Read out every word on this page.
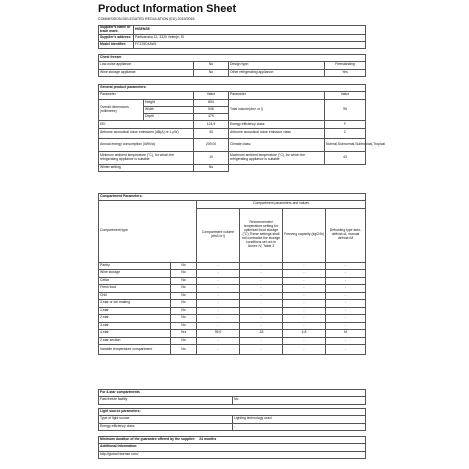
Product Information Sheet
COMMISSION DELEGATED REGULATION (EU) 2019/2016
Supplier's name or trade mark:	HISENSE
Supplier's address:	Partizanska 12, 3320 Velenje, SI
Model identifier:	FC125D4AW1
Chest freezer			
Low-noise appliance:	No	Design type:	Freestanding
Wine storage appliance:	No	Other refrigerating appliance:	Yes
General product parameters:				
Parameter		Value	Parameter	Value
Overall dimensions (millimetre)	Height	854	Total volume(dm³ or l)	95
	Width	546		
	Depth	479		
EEI		124,5	Energy efficiency class	F
Airborne acoustical noise emissions (dB(A) re 1 pW)		40	Airborne acoustical noise emission class	C
Annual energy consumption (kWh/a)		209,00	Climate class:	Normal,Subnormal,Subtropical,Tropical
Minimum ambient temperature (°C), for which the refrigerating appliance is suitable		10	Maximum ambient temperature (°C), for which the refrigerating appliance is suitable	43
Winter setting		No		
Compartment Parameters:					
Compartment type		Compartment parameters and values			
		Compartment volume (dm3 or l)	Recommended temperature setting for optimised food storage (°C) These settings shall not contradict the storage conditions set out in Annex IV, Table 3	Freezing capacity (kg/24h)	Defrosting type auto-defrost=A, manual defrost=M
Pantry	No	-	-	-	-
Wine storage	No	-	-	-	-
Cellar	No	-	-	-	-
Fresh food	No	-	-	-	-
Chill	No	-	-	-	-
0-star or ice-making	No	-	-	-	-
1-star	No	-	-	-	-
2-star	No	-	-	-	-
3-star	No	-	-	-	-
4-star	Yes	95,0	-18	4,8	M
2-star section	No	-	-	-	-
Variable temperature compartment	No	-	-	-	-
For 4-star compartments
Fast freeze facility	No
Light source parameters:	
Type of light source	Lighting technology used
Energy efficiency class	-
Minimum duration of the guarantee offered by the supplier: 24 months
Additional information:
http://global.hisense.com/
